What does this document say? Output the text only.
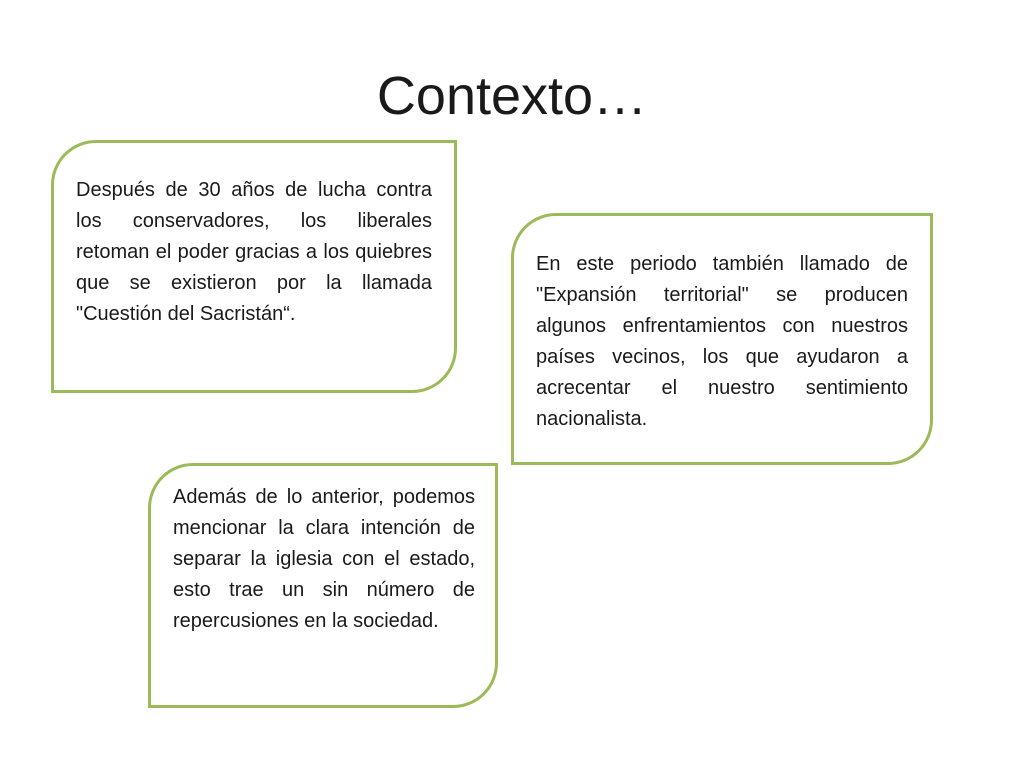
Contexto…

Después de 30 años de lucha contra los conservadores, los liberales retoman el poder gracias a los quiebres que se existieron por la llamada "Cuestión del Sacristán“.

En este periodo también llamado de "Expansión territorial" se producen algunos enfrentamientos con nuestros países vecinos, los que ayudaron a acrecentar el nuestro sentimiento nacionalista.

Además de lo anterior, podemos mencionar la clara intención de separar la iglesia con el estado, esto trae un sin número de repercusiones en la sociedad.
